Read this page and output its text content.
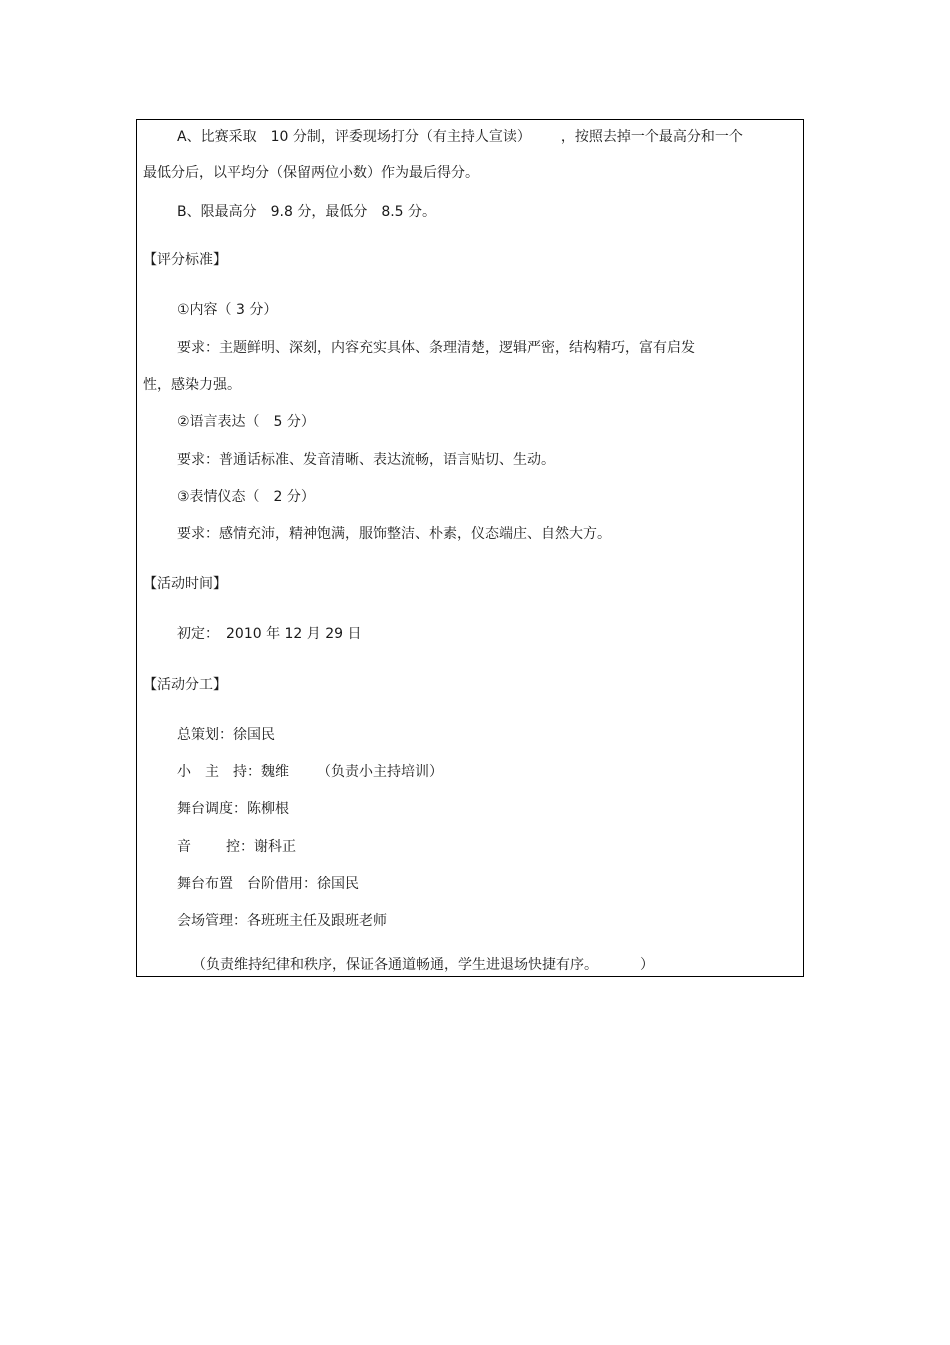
A、比赛采取　10 分制，评委现场打分（有主持人宣读） ，按照去掉一个最高分和一个
最低分后，以平均分（保留两位小数）作为最后得分。
B、限最高分　9.8 分，最低分　8.5 分。
【评分标准】
①内容（ 3 分）
要求：主题鲜明、深刻，内容充实具体、条理清楚，逻辑严密，结构精巧，富有启发
性，感染力强。
②语言表达（　5 分）
要求：普通话标准、发音清晰、表达流畅，语言贴切、生动。
③表情仪态（　2 分）
要求：感情充沛，精神饱满，服饰整洁、朴素，仪态端庄、自然大方。
【活动时间】
初定：　2010 年 12 月 29 日
【活动分工】
总策划：徐国民
小　主　持：魏维 （负责小主持培训）
舞台调度：陈柳根
音	控：谢科正
舞台布置　台阶借用：徐国民
会场管理：各班班主任及跟班老师
（负责维持纪律和秩序，保证各通道畅通，学生进退场快捷有序。	）
